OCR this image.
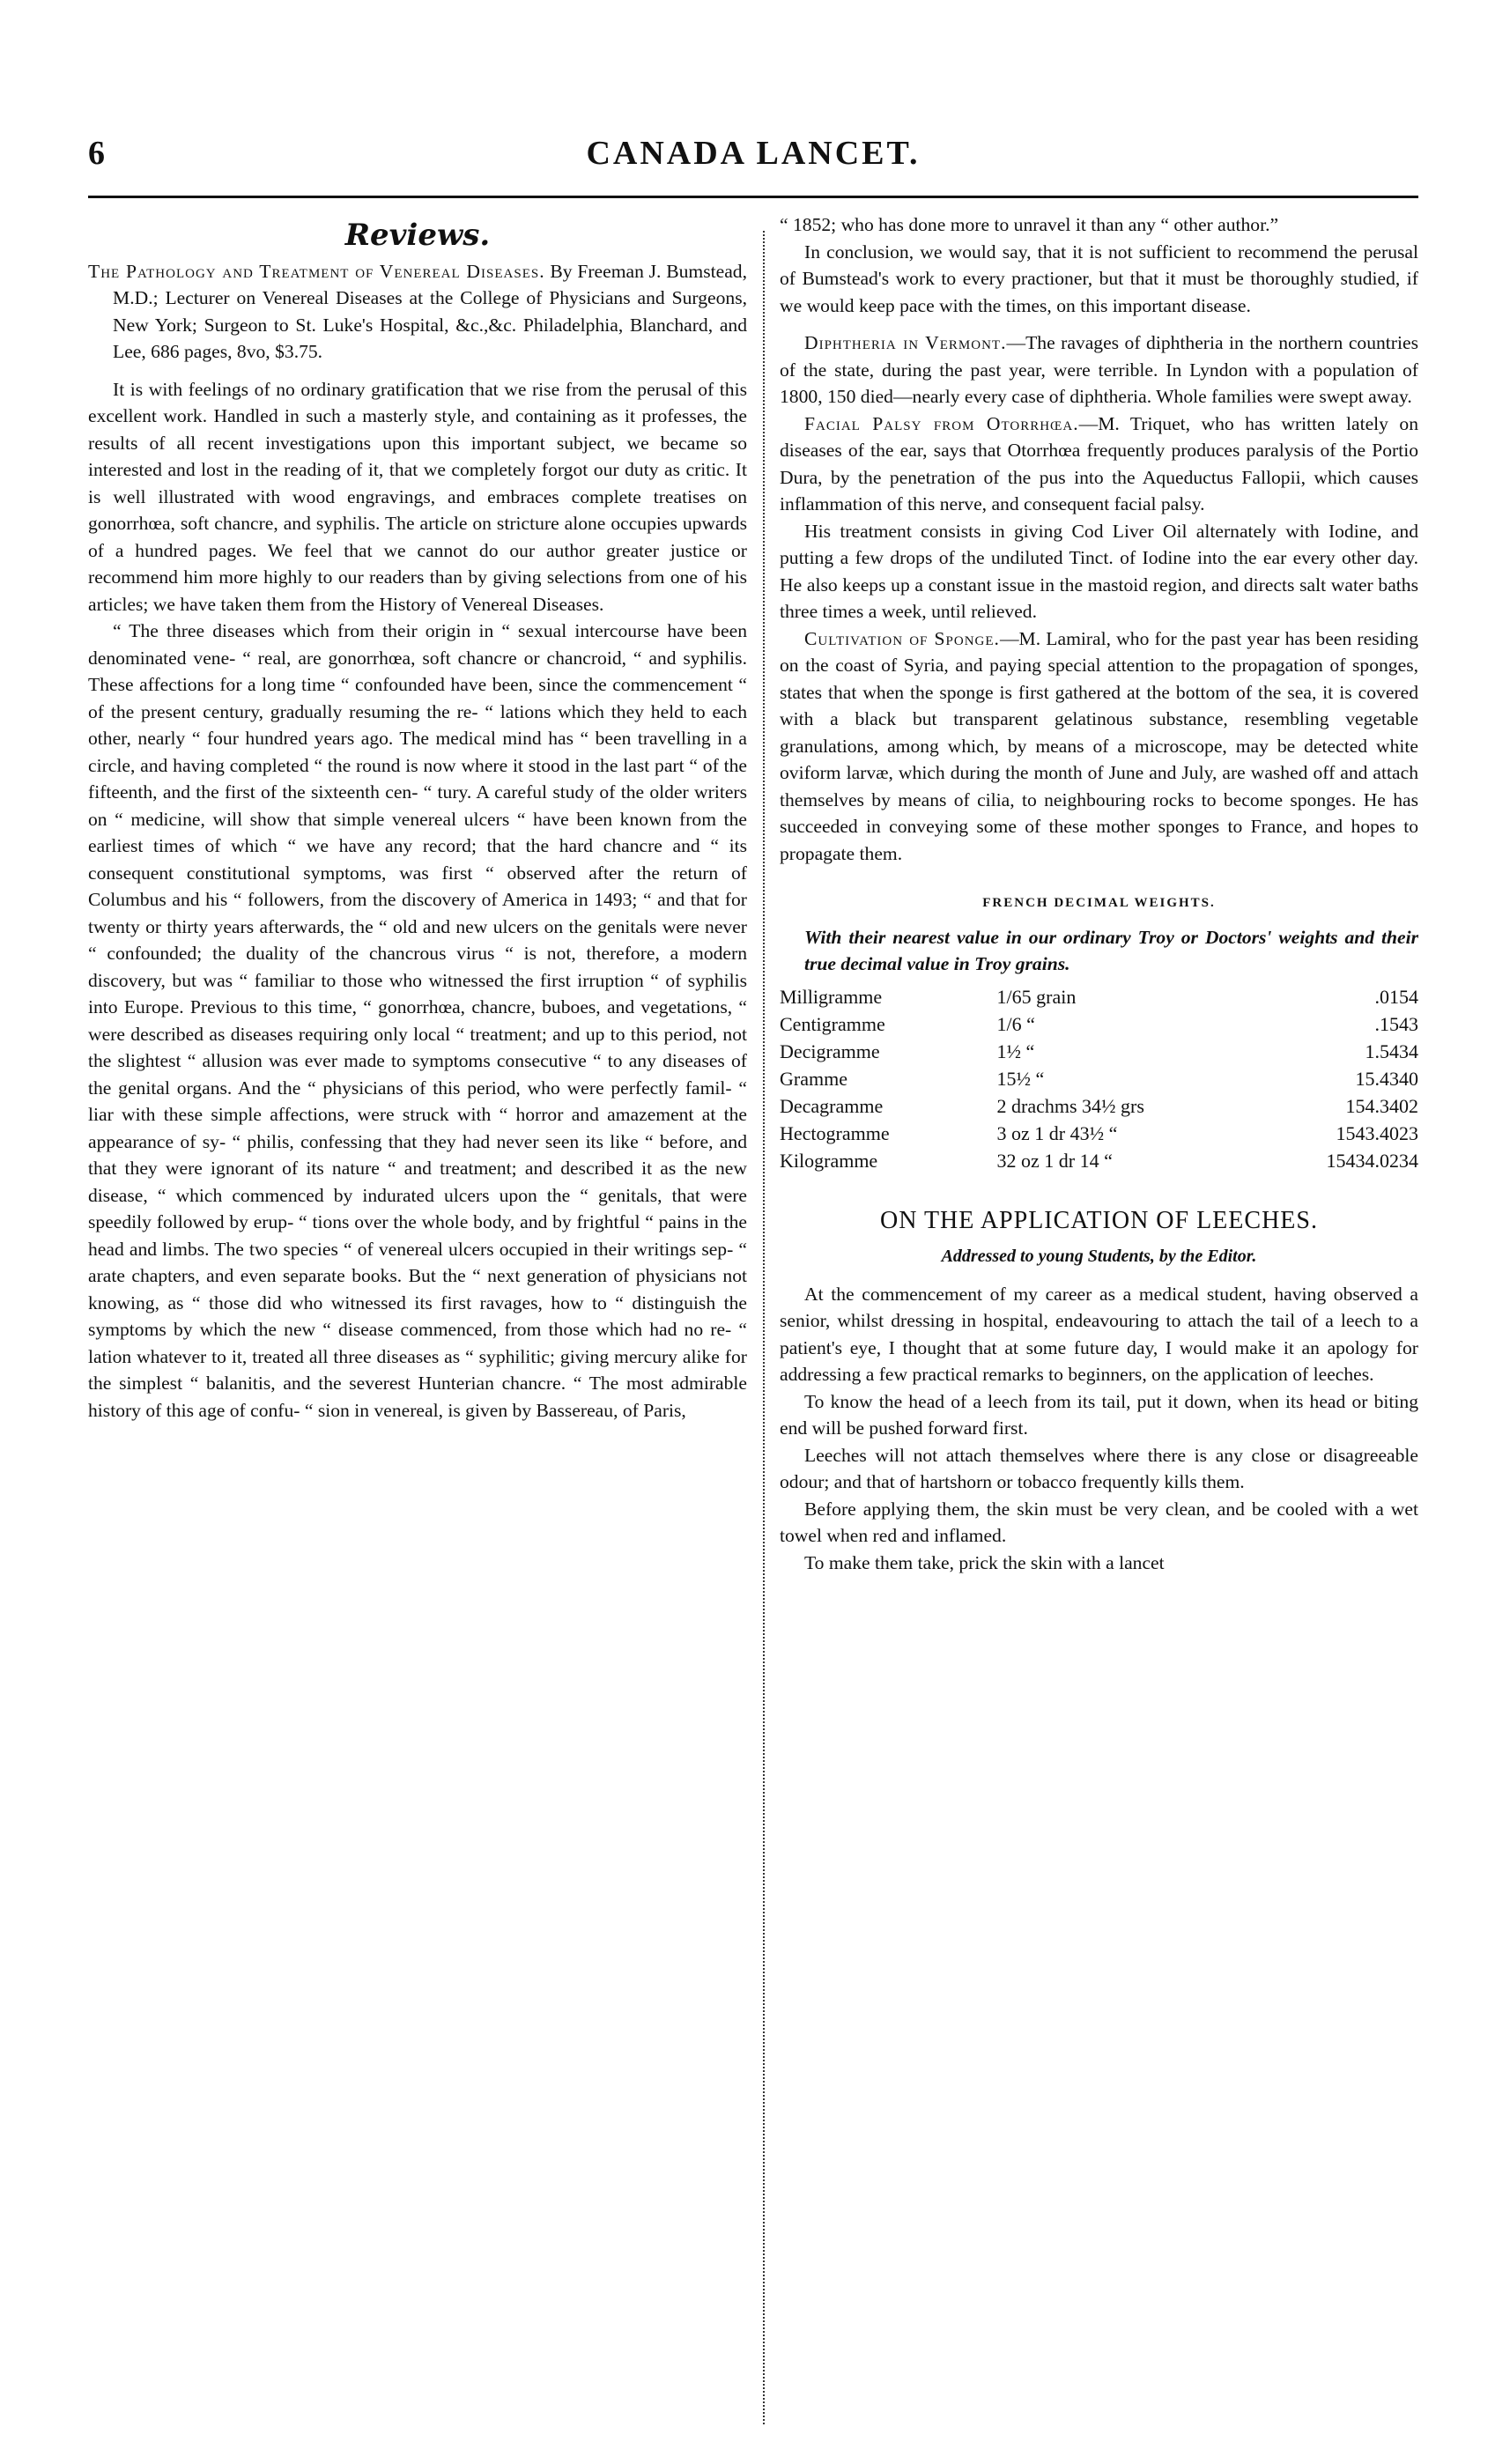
6	CANADA LANCET.
Reviews.

The Pathology and Treatment of Venereal Diseases. By Freeman J. Bumstead, M.D.; Lecturer on Venereal Diseases at the College of Physicians and Surgeons, New York; Surgeon to St. Luke's Hospital, &c.,&c. Philadelphia, Blanchard, and Lee, 686 pages, 8vo, $3.75.

It is with feelings of no ordinary gratification that we rise from the perusal of this excellent work. Handled in such a masterly style, and containing as it professes, the results of all recent investigations upon this important subject, we became so interested and lost in the reading of it, that we completely forgot our duty as critic. It is well illustrated with wood engravings, and embraces complete treatises on gonorrhœa, soft chancre, and syphilis. The article on stricture alone occupies upwards of a hundred pages. We feel that we cannot do our author greater justice or recommend him more highly to our readers than by giving selections from one of his articles; we have taken them from the History of Venereal Diseases.

“ The three diseases which from their origin in “ sexual intercourse have been denominated vene- “ real, are gonorrhœa, soft chancre or chancroid, “ and syphilis. These affections for a long time “ confounded have been, since the commencement “ of the present century, gradually resuming the re- “ lations which they held to each other, nearly “ four hundred years ago. The medical mind has “ been travelling in a circle, and having completed “ the round is now where it stood in the last part “ of the fifteenth, and the first of the sixteenth cen- “ tury. A careful study of the older writers on “ medicine, will show that simple venereal ulcers “ have been known from the earliest times of which “ we have any record; that the hard chancre and “ its consequent constitutional symptoms, was first “ observed after the return of Columbus and his “ followers, from the discovery of America in 1493; “ and that for twenty or thirty years afterwards, the “ old and new ulcers on the genitals were never “ confounded; the duality of the chancrous virus “ is not, therefore, a modern discovery, but was “ familiar to those who witnessed the first irruption “ of syphilis into Europe. Previous to this time, “ gonorrhœa, chancre, buboes, and vegetations, “ were described as diseases requiring only local “ treatment; and up to this period, not the slightest “ allusion was ever made to symptoms consecutive “ to any diseases of the genital organs. And the “ physicians of this period, who were perfectly famil- “ liar with these simple affections, were struck with “ horror and amazement at the appearance of sy- “ philis, confessing that they had never seen its like “ before, and that they were ignorant of its nature “ and treatment; and described it as the new disease, “ which commenced by indurated ulcers upon the “ genitals, that were speedily followed by erup- “ tions over the whole body, and by frightful “ pains in the head and limbs. The two species “ of venereal ulcers occupied in their writings sep- “ arate chapters, and even separate books. But the “ next generation of physicians not knowing, as “ those did who witnessed its first ravages, how to “ distinguish the symptoms by which the new “ disease commenced, from those which had no re- “ lation whatever to it, treated all three diseases as “ syphilitic; giving mercury alike for the simplest “ balanitis, and the severest Hunterian chancre. “ The most admirable history of this age of confu- “ sion in venereal, is given by Bassereau, of Paris,

“ 1852; who has done more to unravel it than any “ other author.”

In conclusion, we would say, that it is not sufficient to recommend the perusal of Bumstead's work to every practioner, but that it must be thoroughly studied, if we would keep pace with the times, on this important disease.

Diphtheria in Vermont.—The ravages of diphtheria in the northern countries of the state, during the past year, were terrible. In Lyndon with a population of 1800, 150 died—nearly every case of diphtheria. Whole families were swept away.

Facial Palsy from Otorrhœa.—M. Triquet, who has written lately on diseases of the ear, says that Otorrhœa frequently produces paralysis of the Portio Dura, by the penetration of the pus into the Aqueductus Fallopii, which causes inflammation of this nerve, and consequent facial palsy.

His treatment consists in giving Cod Liver Oil alternately with Iodine, and putting a few drops of the undiluted Tinct. of Iodine into the ear every other day. He also keeps up a constant issue in the mastoid region, and directs salt water baths three times a week, until relieved.

Cultivation of Sponge.—M. Lamiral, who for the past year has been residing on the coast of Syria, and paying special attention to the propagation of sponges, states that when the sponge is first gathered at the bottom of the sea, it is covered with a black but transparent gelatinous substance, resembling vegetable granulations, among which, by means of a microscope, may be detected white oviform larvæ, which during the month of June and July, are washed off and attach themselves by means of cilia, to neighbouring rocks to become sponges. He has succeeded in conveying some of these mother sponges to France, and hopes to propagate them.

FRENCH DECIMAL WEIGHTS.

With their nearest value in our ordinary Troy or Doctors' weights and their true decimal value in Troy grains.

Milligramme	1/65 grain	.0154
Centigramme	1/6 “	.1543
Decigramme	1½ “	1.5434
Gramme	15½ “	15.4340
Decagramme	2 drachms 34½ grs	154.3402
Hectogramme	3 oz 1 dr 43½ “	1543.4023
Kilogramme	32 oz 1 dr 14 “	15434.0234
ON THE APPLICATION OF LEECHES.
Addressed to young Students, by the Editor.

At the commencement of my career as a medical student, having observed a senior, whilst dressing in hospital, endeavouring to attach the tail of a leech to a patient's eye, I thought that at some future day, I would make it an apology for addressing a few practical remarks to beginners, on the application of leeches.

To know the head of a leech from its tail, put it down, when its head or biting end will be pushed forward first.

Leeches will not attach themselves where there is any close or disagreeable odour; and that of hartshorn or tobacco frequently kills them.

Before applying them, the skin must be very clean, and be cooled with a wet towel when red and inflamed.

To make them take, prick the skin with a lancet
